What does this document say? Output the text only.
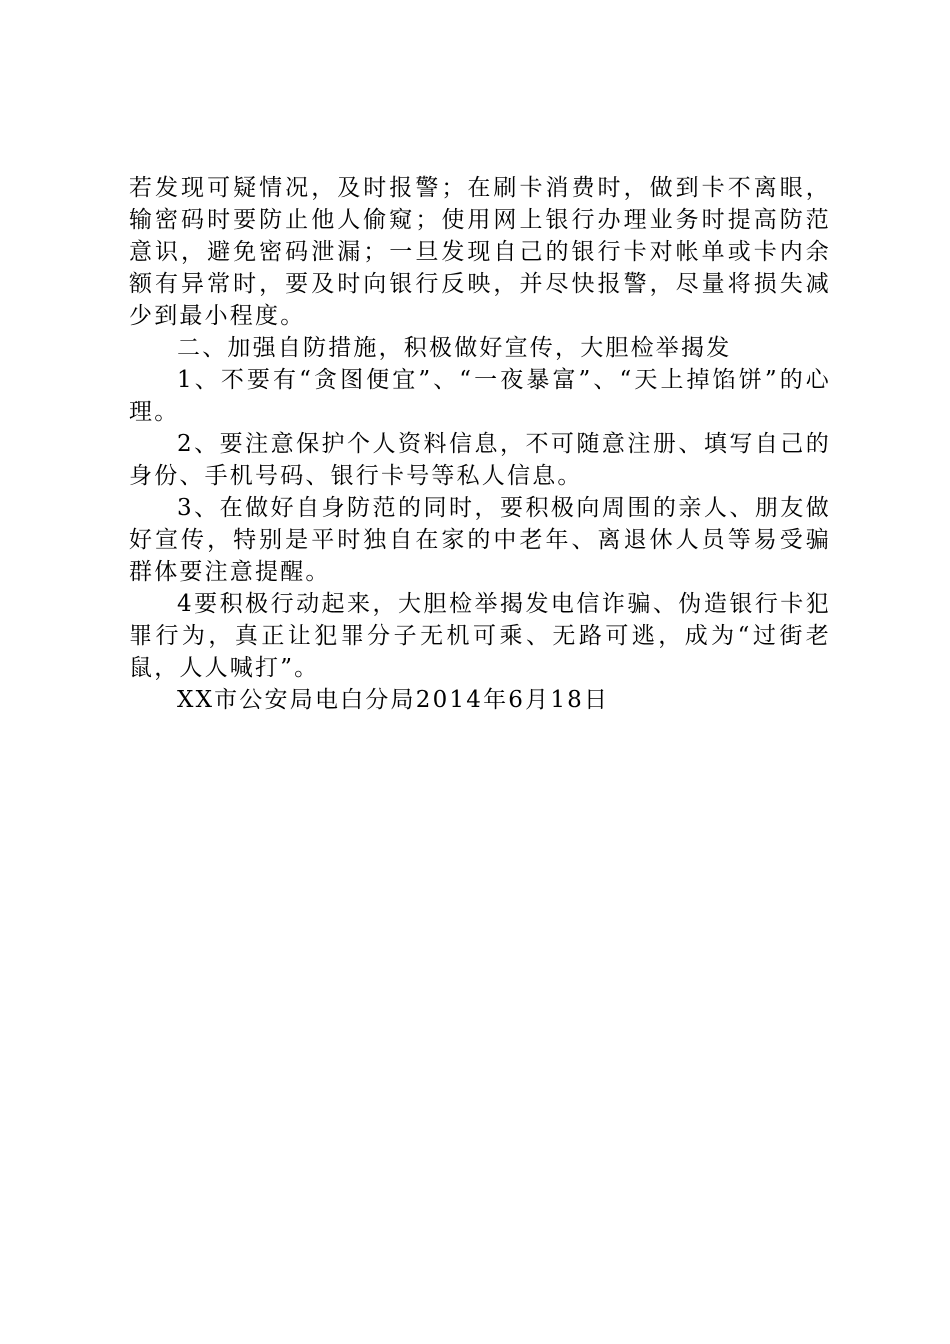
若发现可疑情况，及时报警；在刷卡消费时，做到卡不离眼，输密码时要防止他人偷窥；使用网上银行办理业务时提高防范意识，避免密码泄漏；一旦发现自己的银行卡对帐单或卡内余额有异常时，要及时向银行反映，并尽快报警，尽量将损失减少到最小程度。

二、加强自防措施，积极做好宣传，大胆检举揭发

1、不要有“贪图便宜”、“一夜暴富”、“天上掉馅饼”的心理。

2、要注意保护个人资料信息，不可随意注册、填写自己的身份、手机号码、银行卡号等私人信息。

3、在做好自身防范的同时，要积极向周围的亲人、朋友做好宣传，特别是平时独自在家的中老年、离退休人员等易受骗群体要注意提醒。

4要积极行动起来，大胆检举揭发电信诈骗、伪造银行卡犯罪行为，真正让犯罪分子无机可乘、无路可逃，成为“过街老鼠，人人喊打”。

XX市公安局电白分局2014年6月18日
